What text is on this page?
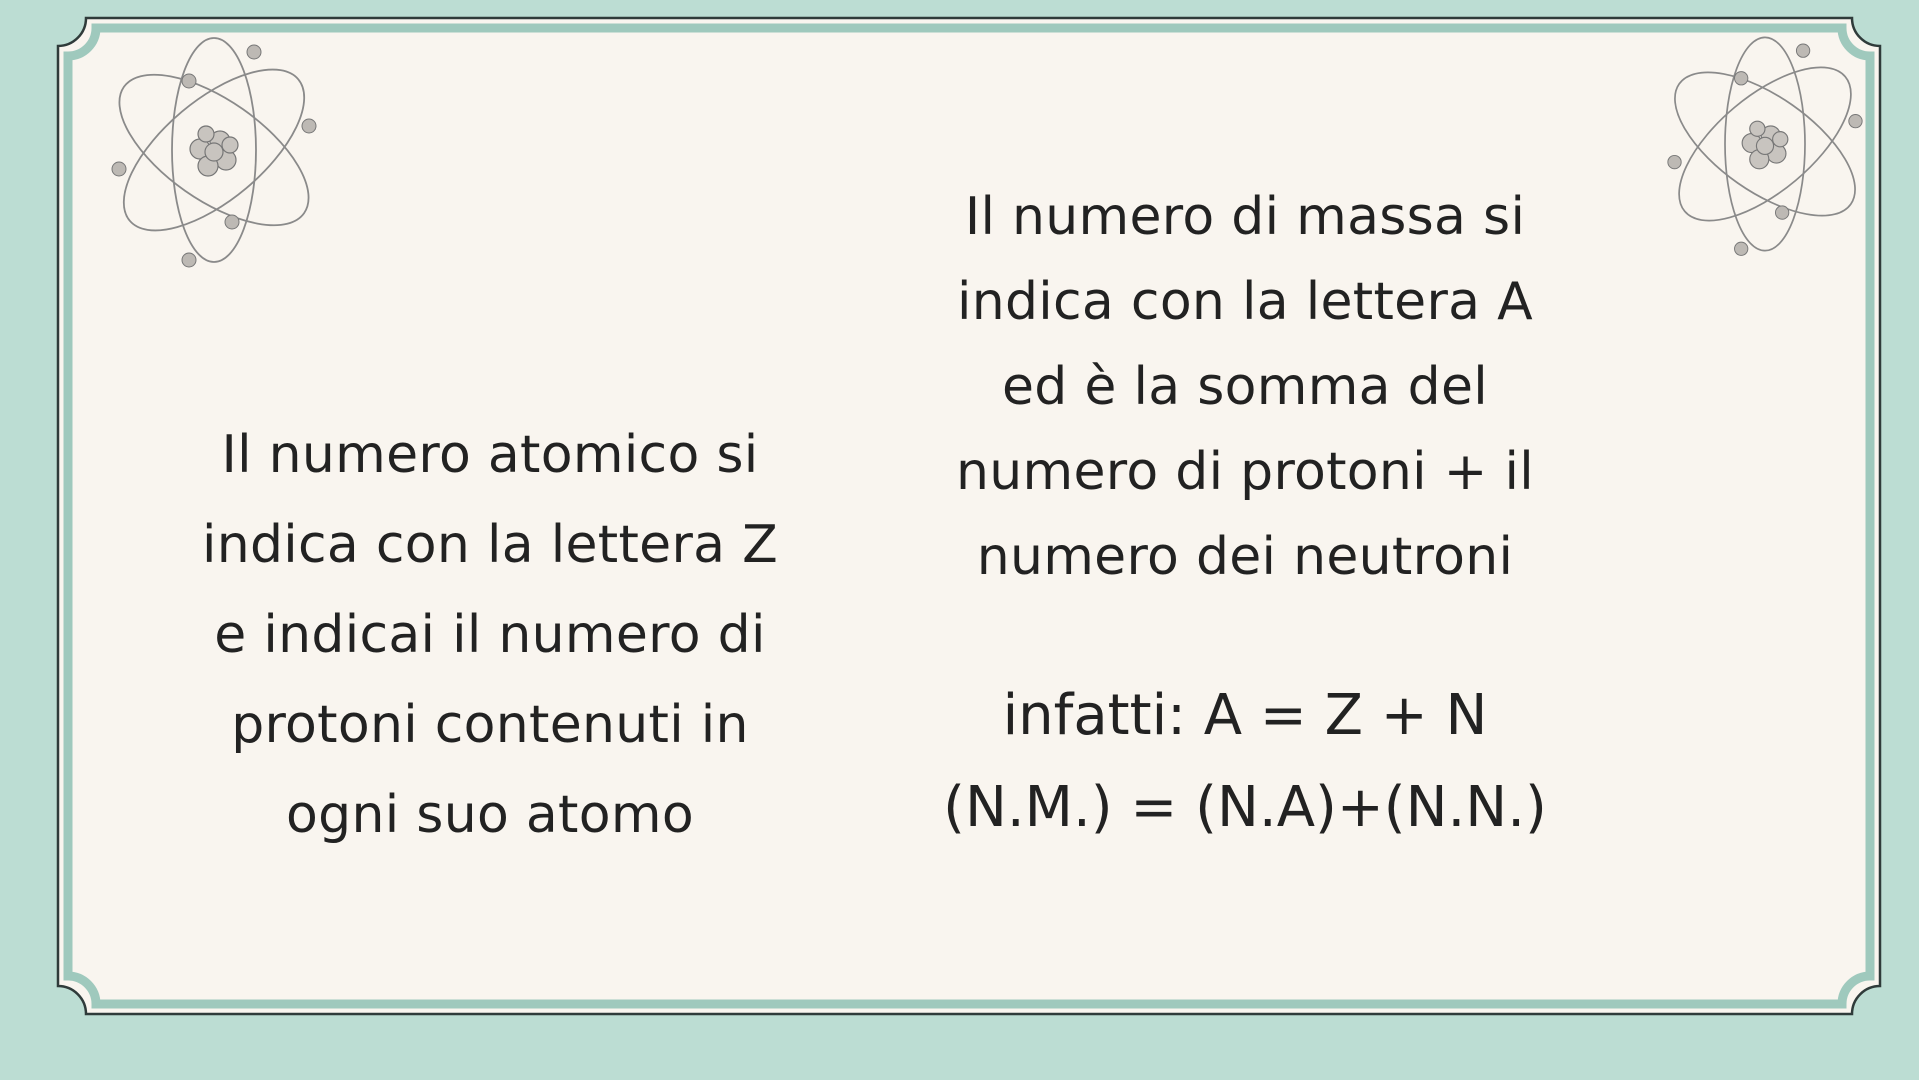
Il numero atomico si
indica con la lettera Z
e indicai il numero di
protoni contenuti in
ogni suo atomo
Il numero di massa si
indica con la lettera A
ed è la somma del
numero di protoni + il
numero dei neutroni
infatti: A = Z + N
(N.M.) = (N.A)+(N.N.)
